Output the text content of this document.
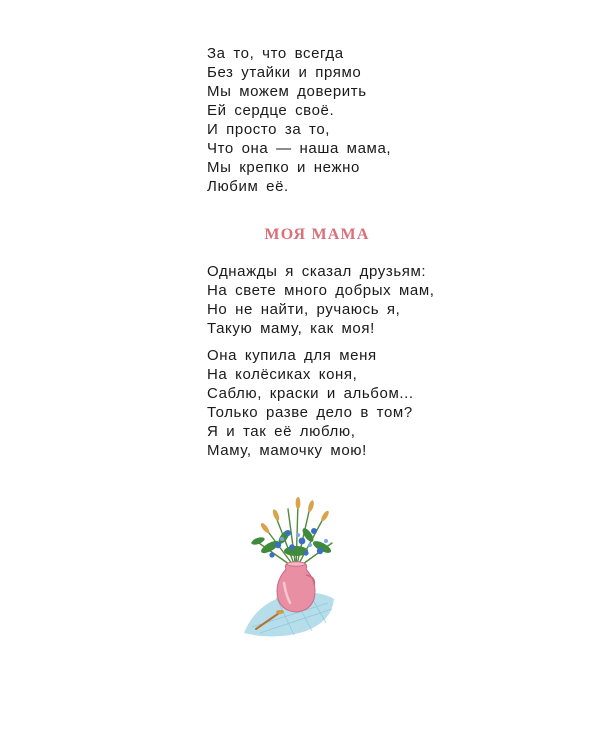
За то, что всегда
Без утайки и прямо
Мы можем доверить
Ей сердце своё.
И просто за то,
Что она — наша мама,
Мы крепко и нежно
Любим её.
МОЯ МАМА
Однажды я сказал друзьям:
На свете много добрых мам,
Но не найти, ручаюсь я,
Такую маму, как моя!
Она купила для меня
На колёсиках коня,
Саблю, краски и альбом...
Только разве дело в том?
Я и так её люблю,
Маму, мамочку мою!
